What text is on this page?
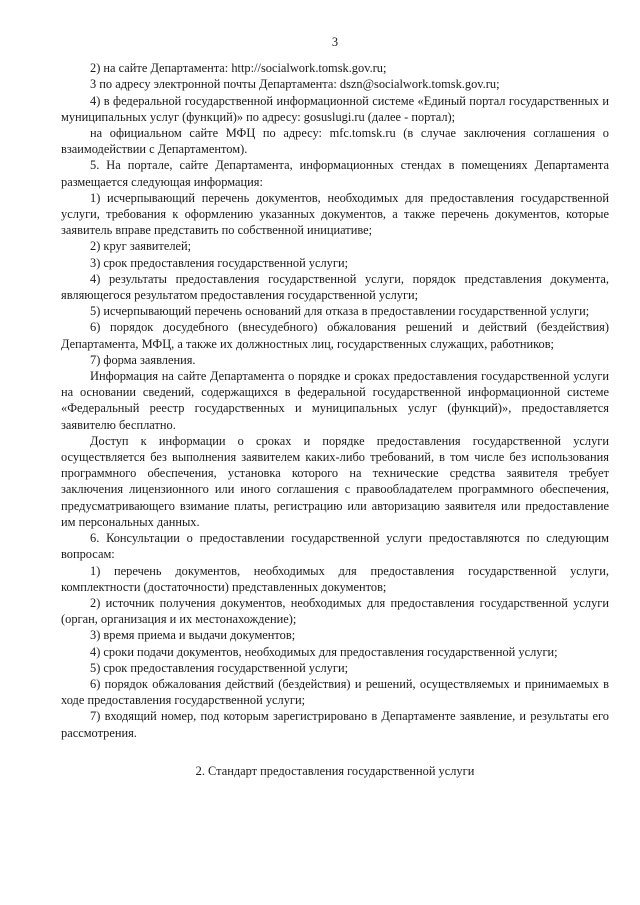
3

2) на сайте Департамента: http://socialwork.tomsk.gov.ru;

3 по адресу электронной почты Департамента: dszn@socialwork.tomsk.gov.ru;

4) в федеральной государственной информационной системе «Единый портал государственных и муниципальных услуг (функций)» по адресу: gosuslugi.ru (далее - портал);

на официальном сайте МФЦ по адресу: mfc.tomsk.ru (в случае заключения соглашения о взаимодействии с Департаментом).

5. На портале, сайте Департамента, информационных стендах в помещениях Департамента размещается следующая информация:

1) исчерпывающий перечень документов, необходимых для предоставления государственной услуги, требования к оформлению указанных документов, а также перечень документов, которые заявитель вправе представить по собственной инициативе;

2) круг заявителей;

3) срок предоставления государственной услуги;

4) результаты предоставления государственной услуги, порядок представления документа, являющегося результатом предоставления государственной услуги;

5) исчерпывающий перечень оснований для отказа в предоставлении государственной услуги;

6) порядок досудебного (внесудебного) обжалования решений и действий (бездействия) Департамента, МФЦ, а также их должностных лиц, государственных служащих, работников;

7) форма заявления.

Информация на сайте Департамента о порядке и сроках предоставления государственной услуги на основании сведений, содержащихся в федеральной государственной информационной системе «Федеральный реестр государственных и муниципальных услуг (функций)», предоставляется заявителю бесплатно.

Доступ к информации о сроках и порядке предоставления государственной услуги осуществляется без выполнения заявителем каких-либо требований, в том числе без использования программного обеспечения, установка которого на технические средства заявителя требует заключения лицензионного или иного соглашения с правообладателем программного обеспечения, предусматривающего взимание платы, регистрацию или авторизацию заявителя или предоставление им персональных данных.

6. Консультации о предоставлении государственной услуги предоставляются по следующим вопросам:

1) перечень документов, необходимых для предоставления государственной услуги, комплектности (достаточности) представленных документов;

2) источник получения документов, необходимых для предоставления государственной услуги (орган, организация и их местонахождение);

3) время приема и выдачи документов;

4) сроки подачи документов, необходимых для предоставления государственной услуги;

5) срок предоставления государственной услуги;

6) порядок обжалования действий (бездействия) и решений, осуществляемых и принимаемых в ходе предоставления государственной услуги;

7) входящий номер, под которым зарегистрировано в Департаменте заявление, и результаты его рассмотрения.

2. Стандарт предоставления государственной услуги
